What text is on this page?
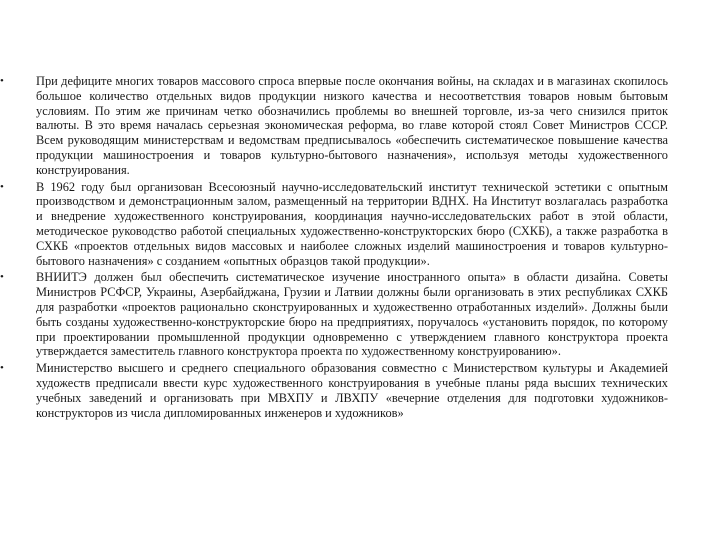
•	При дефиците многих товаров массового спроса впервые после окончания войны, на складах и в магазинах скопилось большое количество отдельных видов продукции низкого качества и несоответствия товаров новым бытовым условиям. По этим же причинам четко обозначились проблемы во внешней торговле, из-за чего снизился приток валюты. В это время началась серьезная экономическая реформа, во главе которой стоял Совет Министров СССР. Всем руководящим министерствам и ведомствам предписывалось «обеспечить систематическое повышение качества продукции машиностроения и товаров культурно-бытового назначения», используя методы художественного конструирования.
•	В 1962 году был организован Всесоюзный научно-исследовательский институт технической эстетики с опытным производством и демонстрационным залом, размещенный на территории ВДНХ. На Институт возлагалась разработка и внедрение художественного конструирования, координация научно-исследовательских работ в этой области, методическое руководство работой специальных художественно-конструкторских бюро (СХКБ), а также разработка в СХКБ «проектов отдельных видов массовых и наиболее сложных изделий машиностроения и товаров культурно-бытового назначения» с созданием «опытных образцов такой продукции».
•	ВНИИТЭ должен был обеспечить систематическое изучение иностранного опыта» в области дизайна. Советы Министров РСФСР, Украины, Азербайджана, Грузии и Латвии должны были организовать в этих республиках СХКБ для разработки «проектов рационально сконструированных и художественно отработанных изделий». Должны были быть созданы художественно-конструкторские бюро на предприятиях, поручалось «установить порядок, по которому при проектировании промышленной продукции одновременно с утверждением главного конструктора проекта утверждается заместитель главного конструктора проекта по художественному конструированию».
•	Министерство высшего и среднего специального образования совместно с Министерством культуры и Академией художеств предписали ввести курс художественного конструирования в учебные планы ряда высших технических учебных заведений и организовать при МВХПУ и ЛВХПУ «вечерние отделения для подготовки художников-конструкторов из числа дипломированных инженеров и художников»
